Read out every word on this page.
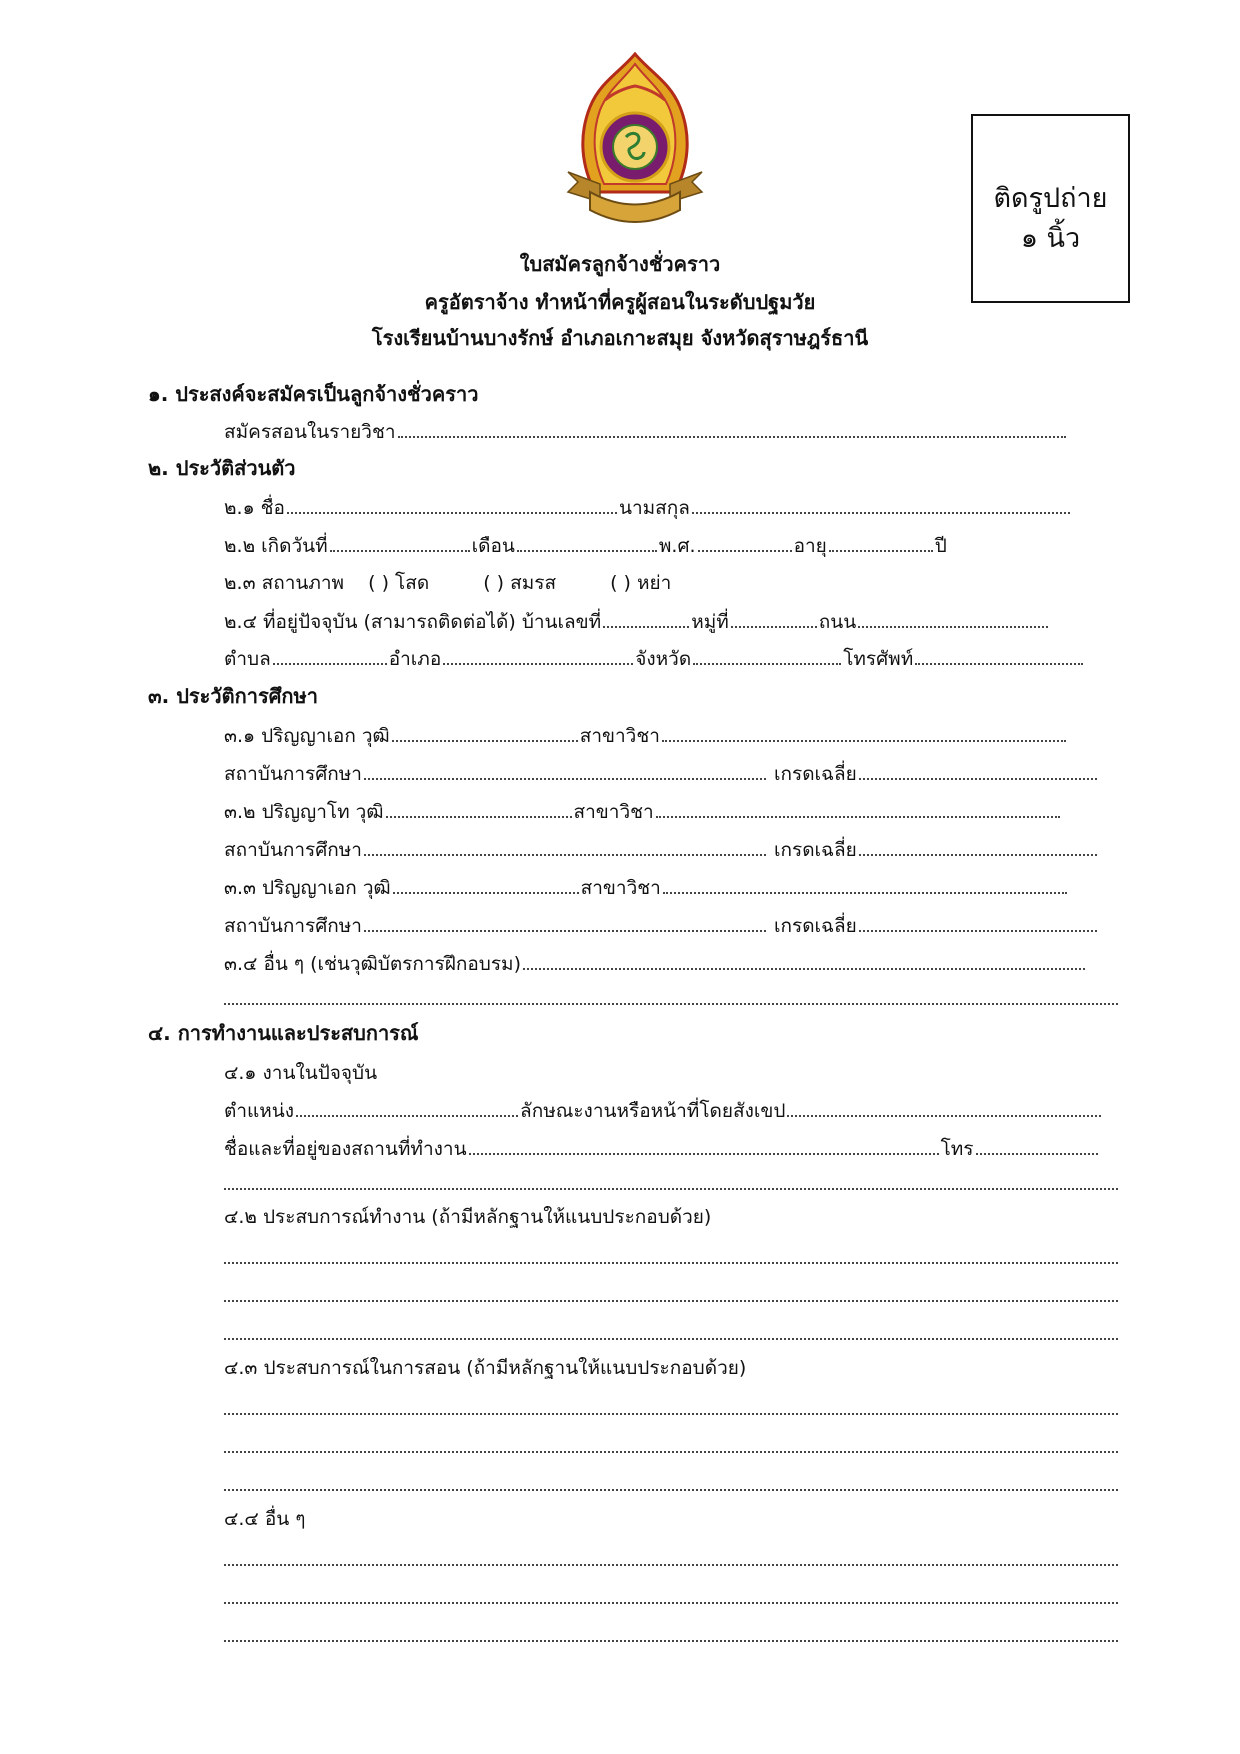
ติดรูปถ่าย
๑ นิ้ว
ใบสมัครลูกจ้างชั่วคราว
ครูอัตราจ้าง ทำหน้าที่ครูผู้สอนในระดับปฐมวัย
โรงเรียนบ้านบางรักษ์ อำเภอเกาะสมุย จังหวัดสุราษฎร์ธานี
๑. ประสงค์จะสมัครเป็นลูกจ้างชั่วคราว
สมัครสอนในรายวิชา
๒. ประวัติส่วนตัว
๒.๑ ชื่อ	นามสกุล
๒.๒ เกิดวันที่	เดือน	พ.ศ.	อายุ	ปี
๒.๓ สถานภาพ ( ) โสด	( ) สมรส	( ) หย่า
๒.๔ ที่อยู่ปัจจุบัน (สามารถติดต่อได้) บ้านเลขที่	หมู่ที่	ถนน
ตำบล	อำเภอ	จังหวัด	โทรศัพท์
๓. ประวัติการศึกษา
๓.๑ ปริญญาเอก วุฒิ	สาขาวิชา
สถาบันการศึกษา	เกรดเฉลี่ย
๓.๒ ปริญญาโท วุฒิ	สาขาวิชา
สถาบันการศึกษา	เกรดเฉลี่ย
๓.๓ ปริญญาเอก วุฒิ	สาขาวิชา
สถาบันการศึกษา	เกรดเฉลี่ย
๓.๔ อื่น ๆ (เช่นวุฒิบัตรการฝึกอบรม)
๔. การทำงานและประสบการณ์
๔.๑ งานในปัจจุบัน
ตำแหน่ง	ลักษณะงานหรือหน้าที่โดยสังเขป
ชื่อและที่อยู่ของสถานที่ทำงาน	โทร
๔.๒ ประสบการณ์ทำงาน (ถ้ามีหลักฐานให้แนบประกอบด้วย)
๔.๓ ประสบการณ์ในการสอน (ถ้ามีหลักฐานให้แนบประกอบด้วย)
๔.๔ อื่น ๆ
